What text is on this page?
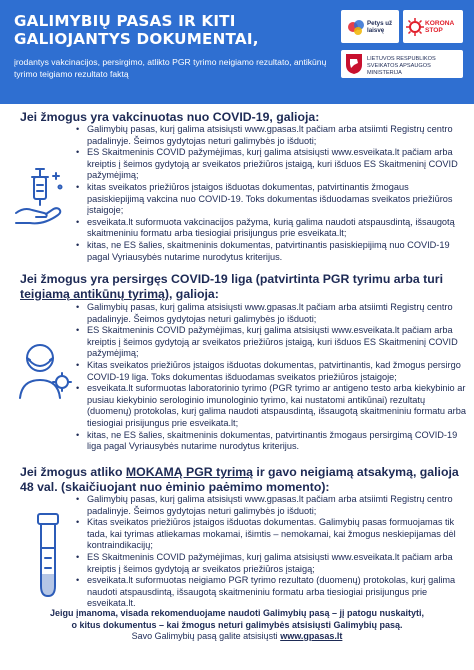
GALIMYBIŲ PASAS IR KITI GALIOJANTYS DOKUMENTAI,
įrodantys vakcinacijos, persirgimo, atlikto PGR tyrimo neigiamo rezultato, antikūnų tyrimo teigiamo rezultato faktą
Petys už laisvę
KORONA STOP
LIETUVOS RESPUBLIKOS SVEIKATOS APSAUGOS MINISTERIJA
Jei žmogus yra vakcinuotas nuo COVID-19, galioja:
• Galimybių pasas, kurį galima atsisiųsti www.gpasas.lt pačiam arba atsiimti Registrų centro padalinyje. Šeimos gydytojas neturi galimybės jo išduoti;
• ES Skaitmeninis COVID pažymėjimas, kurį galima atsisiųsti www.esveikata.lt pačiam arba kreiptis į šeimos gydytoją ar sveikatos priežiūros įstaigą, kuri išduos ES Skaitmeninį COVID pažymėjimą;
• kitas sveikatos priežiūros įstaigos išduotas dokumentas, patvirtinantis žmogaus pasiskiepijimą vakcina nuo COVID-19. Toks dokumentas išduodamas sveikatos priežiūros įstaigoje;
• esveikata.lt suformuota vakcinacijos pažyma, kurią galima naudoti atspausdintą, išsaugotą skaitmeniniu formatu arba tiesiogiai prisijungus prie esveikata.lt;
• kitas, ne ES šalies, skaitmeninis dokumentas, patvirtinantis pasiskiepijimą nuo COVID-19 pagal Vyriausybės nutarime nurodytus kriterijus.
Jei žmogus yra persirgęs COVID-19 liga (patvirtinta PGR tyrimu arba turi
teigiamą antikūnų tyrimą), galioja:
• Galimybių pasas, kurį galima atsisiųsti www.gpasas.lt pačiam arba atsiimti Registrų centro padalinyje. Šeimos gydytojas neturi galimybės jo išduoti;
• ES Skaitmeninis COVID pažymėjimas, kurį galima atsisiųsti www.esveikata.lt pačiam arba kreiptis į šeimos gydytoją ar sveikatos priežiūros įstaigą, kuri išduos ES Skaitmeninį COVID pažymėjimą;
• Kitas sveikatos priežiūros įstaigos išduotas dokumentas, patvirtinantis, kad žmogus persirgo COVID-19 liga. Toks dokumentas išduodamas sveikatos priežiūros įstaigoje;
• esveikata.lt suformuotas laboratorinio tyrimo (PGR tyrimo ar antigeno testo arba kiekybinio ar pusiau kiekybinio serologinio imunologinio tyrimo, kai nustatomi antikūnai) rezultatų (duomenų) protokolas, kurį galima naudoti atspausdintą, išsaugotą skaitmeniniu formatu arba tiesiogiai prisijungus prie esveikata.lt;
• kitas, ne ES šalies, skaitmeninis dokumentas, patvirtinantis žmogaus persirgimą COVID-19 liga pagal Vyriausybės nutarime nurodytus kriterijus.
Jei žmogus atliko MOKAMĄ PGR tyrimą ir gavo neigiamą atsakymą, galioja
48 val. (skaičiuojant nuo ėminio paėmimo momento):
• Galimybių pasas, kurį galima atsisiųsti www.gpasas.lt pačiam arba atsiimti Registrų centro padalinyje. Šeimos gydytojas neturi galimybės jo išduoti;
• Kitas sveikatos priežiūros įstaigos išduotas dokumentas. Galimybių pasas formuojamas tik tada, kai tyrimas atliekamas mokamai, išimtis – nemokamai, kai žmogus neskiepijamas dėl kontraindikacijų;
• ES Skaitmeninis COVID pažymėjimas, kurį galima atsisiųsti www.esveikata.lt pačiam arba kreiptis į šeimos gydytoją ar sveikatos priežiūros įstaigą;
• esveikata.lt suformuotas neigiamo PGR tyrimo rezultato (duomenų) protokolas, kurį galima naudoti atspausdintą, išsaugotą skaitmeniniu formatu arba tiesiogiai prisijungus prie esveikata.lt.
Jeigu įmanoma, visada rekomenduojame naudoti Galimybių pasą – jį patogu nuskaityti,
o kitus dokumentus – kai žmogus neturi galimybės atsisiųsti Galimybių pasą.
Savo Galimybių pasą galite atsisiųsti www.gpasas.lt
